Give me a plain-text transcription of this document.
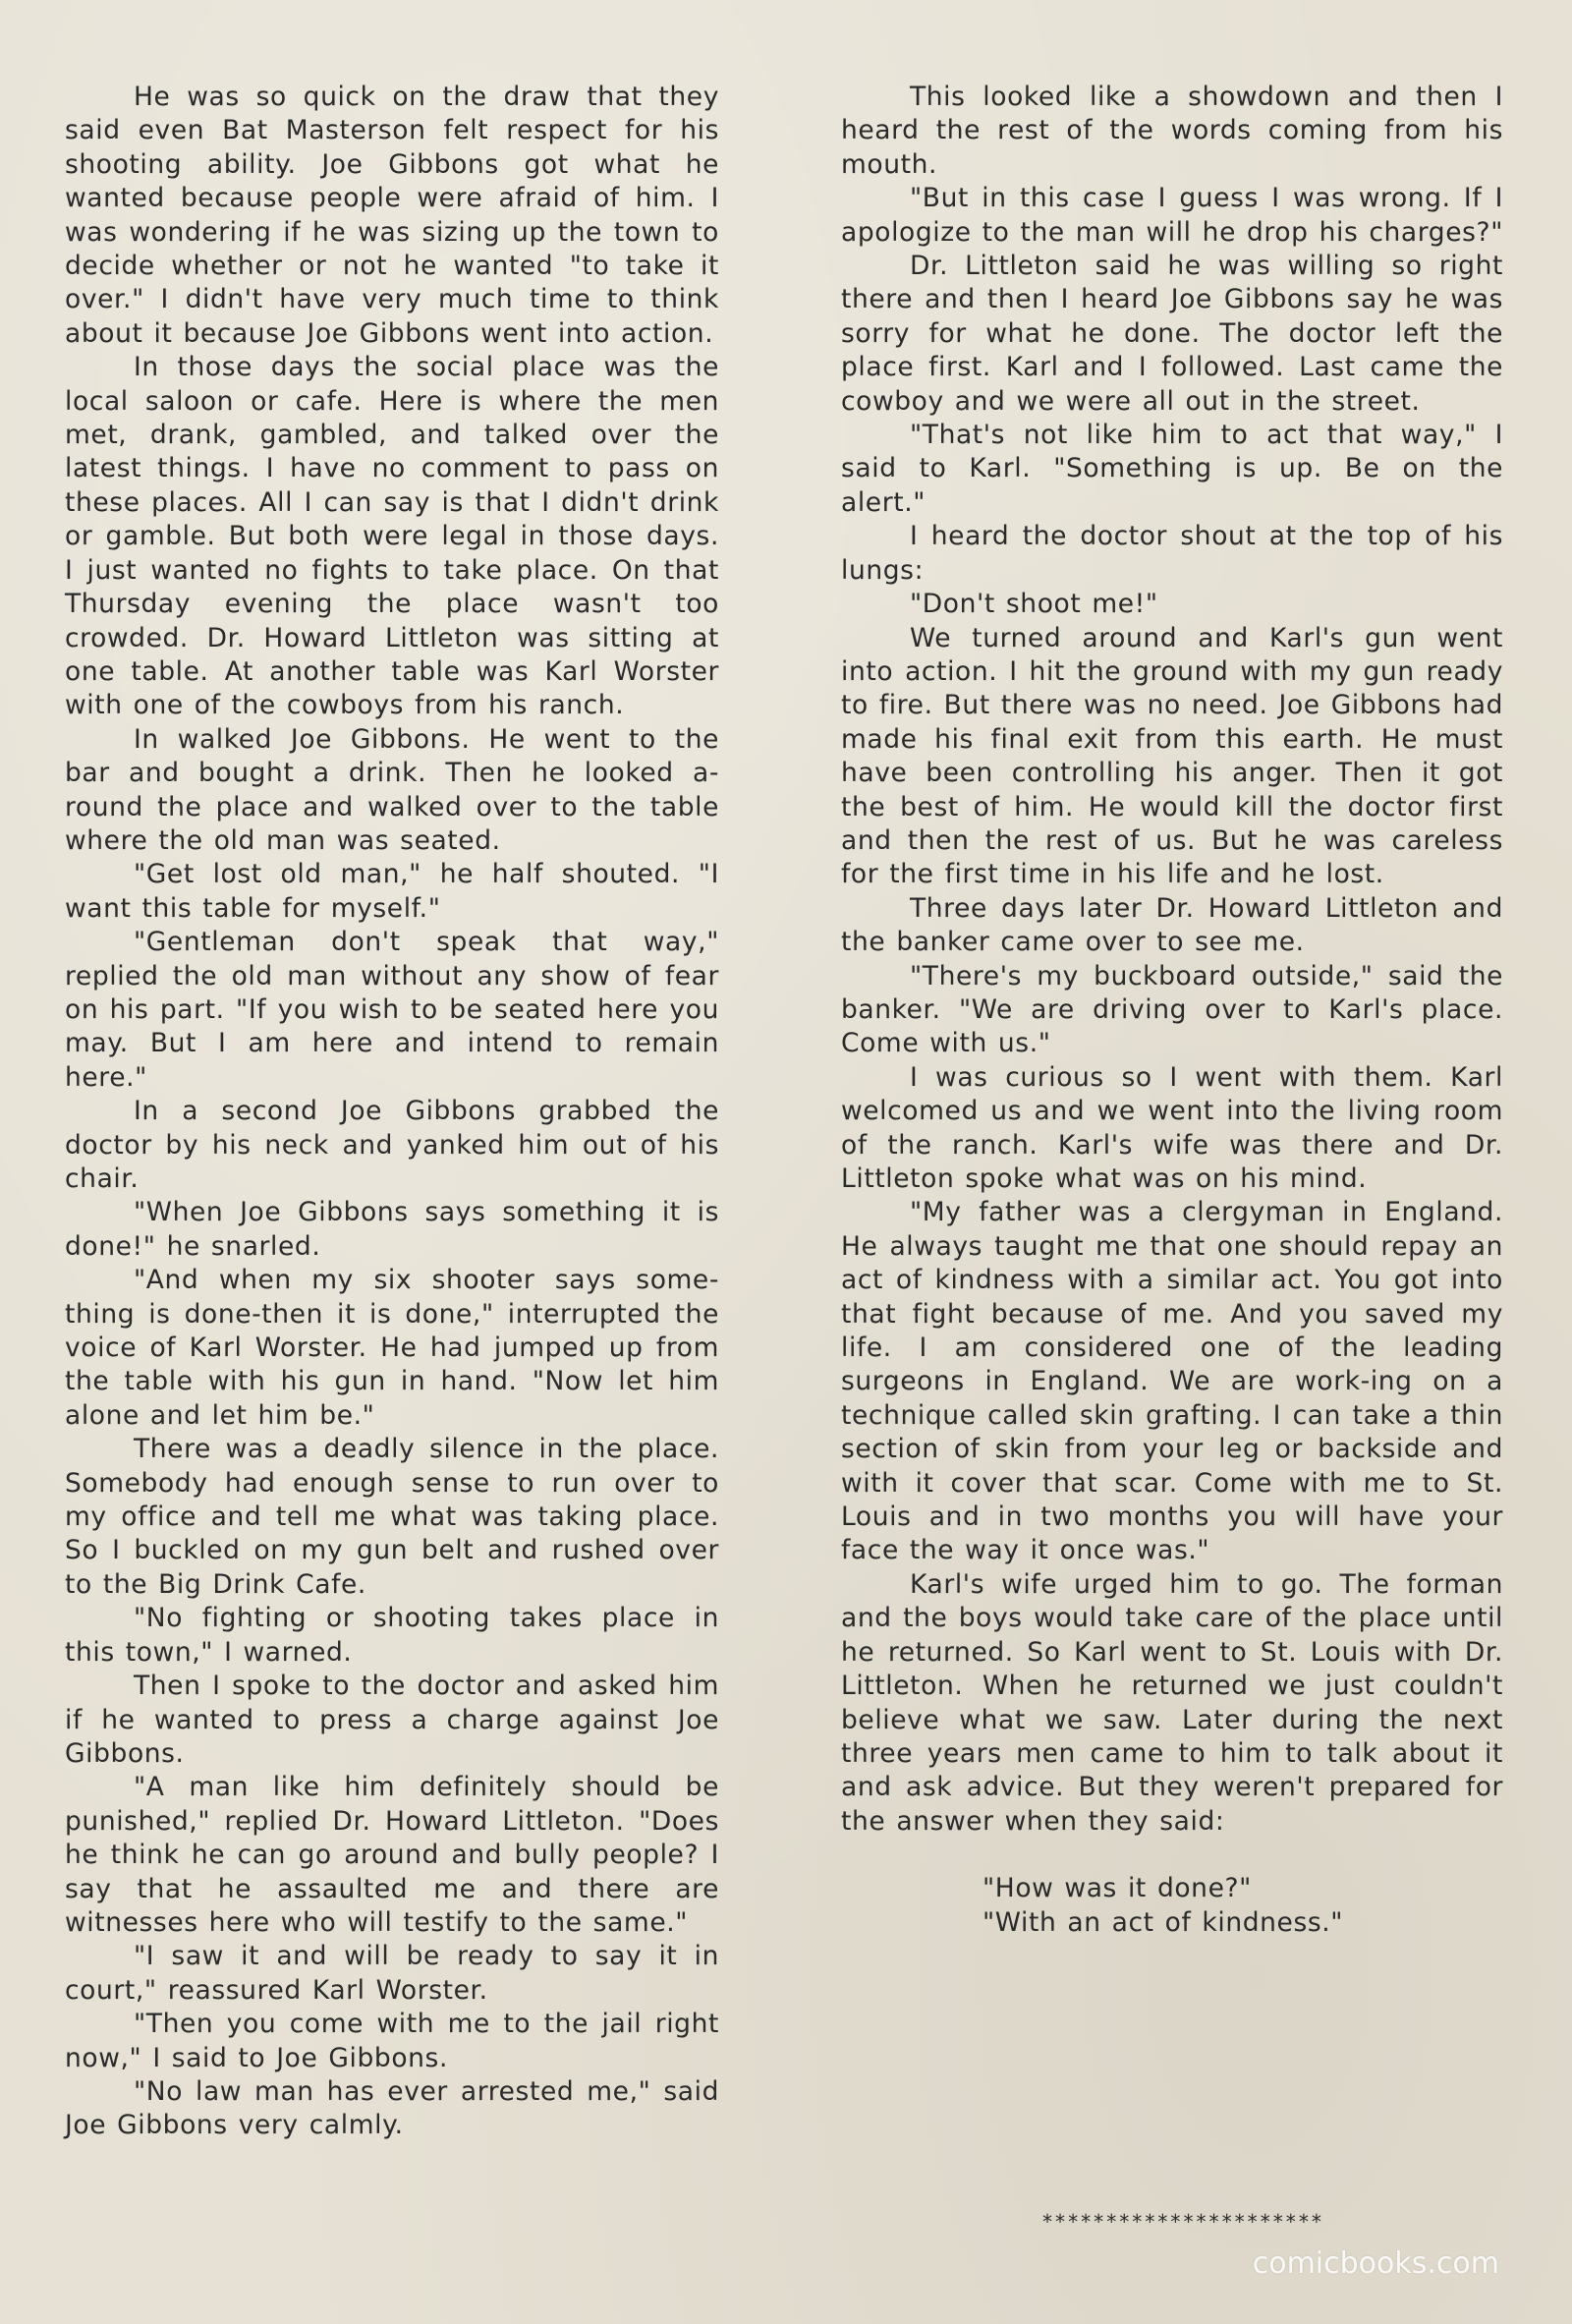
He was so quick on the draw that they said even Bat Masterson felt respect for his shooting ability. Joe Gibbons got what he wanted because people were afraid of him. I was wondering if he was sizing up the town to decide whether or not he wanted "to take it over." I didn't have very much time to think about it because Joe Gibbons went into action.

In those days the social place was the local saloon or cafe. Here is where the men met, drank, gambled, and talked over the latest things. I have no comment to pass on these places. All I can say is that I didn't drink or gamble. But both were legal in those days. I just wanted no fights to take place. On that Thursday evening the place wasn't too crowded. Dr. Howard Littleton was sitting at one table. At another table was Karl Worster with one of the cowboys from his ranch.

In walked Joe Gibbons. He went to the bar and bought a drink. Then he looked a-round the place and walked over to the table where the old man was seated.

"Get lost old man," he half shouted. "I want this table for myself."

"Gentleman don't speak that way," replied the old man without any show of fear on his part. "If you wish to be seated here you may. But I am here and intend to remain here."

In a second Joe Gibbons grabbed the doctor by his neck and yanked him out of his chair.

"When Joe Gibbons says something it is done!" he snarled.

"And when my six shooter says some-thing is done-then it is done," interrupted the voice of Karl Worster. He had jumped up from the table with his gun in hand. "Now let him alone and let him be."

There was a deadly silence in the place. Somebody had enough sense to run over to my office and tell me what was taking place. So I buckled on my gun belt and rushed over to the Big Drink Cafe.

"No fighting or shooting takes place in this town," I warned.

Then I spoke to the doctor and asked him if he wanted to press a charge against Joe Gibbons.

"A man like him definitely should be punished," replied Dr. Howard Littleton. "Does he think he can go around and bully people? I say that he assaulted me and there are witnesses here who will testify to the same."

"I saw it and will be ready to say it in court," reassured Karl Worster.

"Then you come with me to the jail right now," I said to Joe Gibbons.

"No law man has ever arrested me," said Joe Gibbons very calmly.

This looked like a showdown and then I heard the rest of the words coming from his mouth.

"But in this case I guess I was wrong. If I apologize to the man will he drop his charges?"

Dr. Littleton said he was willing so right there and then I heard Joe Gibbons say he was sorry for what he done. The doctor left the place first. Karl and I followed. Last came the cowboy and we were all out in the street.

"That's not like him to act that way," I said to Karl. "Something is up. Be on the alert."

I heard the doctor shout at the top of his lungs:

"Don't shoot me!"

We turned around and Karl's gun went into action. I hit the ground with my gun ready to fire. But there was no need. Joe Gibbons had made his final exit from this earth. He must have been controlling his anger. Then it got the best of him. He would kill the doctor first and then the rest of us. But he was careless for the first time in his life and he lost.

Three days later Dr. Howard Littleton and the banker came over to see me.

"There's my buckboard outside," said the banker. "We are driving over to Karl's place. Come with us."

I was curious so I went with them. Karl welcomed us and we went into the living room of the ranch. Karl's wife was there and Dr. Littleton spoke what was on his mind.

"My father was a clergyman in England. He always taught me that one should repay an act of kindness with a similar act. You got into that fight because of me. And you saved my life. I am considered one of the leading surgeons in England. We are work-ing on a technique called skin grafting. I can take a thin section of skin from your leg or backside and with it cover that scar. Come with me to St. Louis and in two months you will have your face the way it once was."

Karl's wife urged him to go. The forman and the boys would take care of the place until he returned. So Karl went to St. Louis with Dr. Littleton. When he returned we just couldn't believe what we saw. Later during the next three years men came to him to talk about it and ask advice. But they weren't prepared for the answer when they said:

"How was it done?"

"With an act of kindness."

**********************
comicbooks.com
